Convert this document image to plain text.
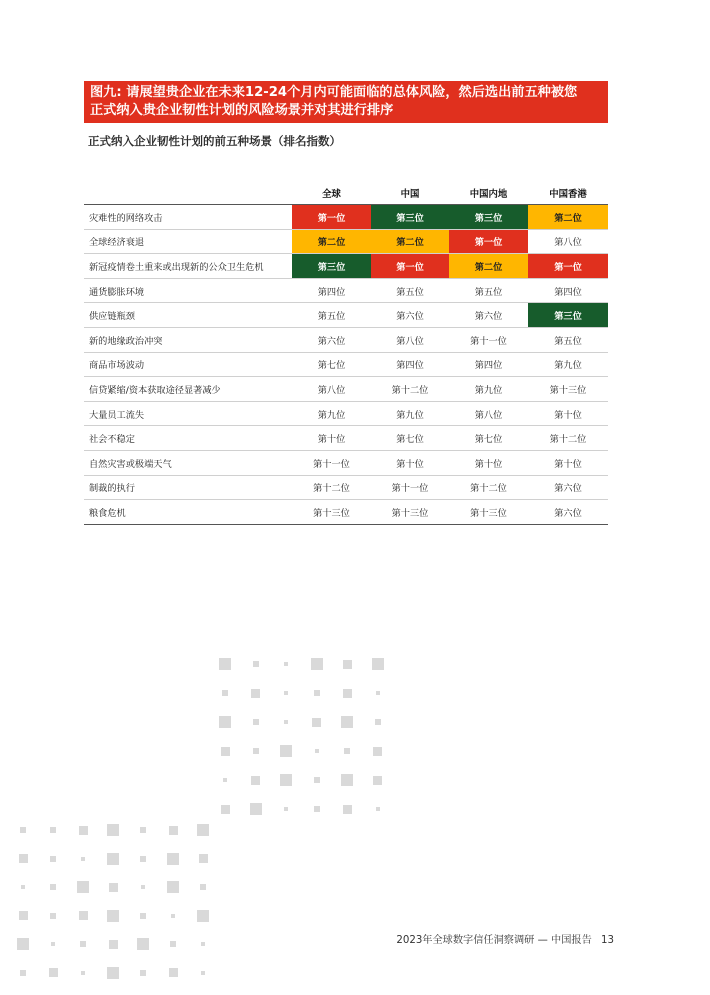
图九: 请展望贵企业在未来12-24个月内可能面临的总体风险，然后选出前五种被您
正式纳入贵企业韧性计划的风险场景并对其进行排序
正式纳入企业韧性计划的前五种场景（排名指数）
	全球	中国	中国内地	中国香港
灾难性的网络攻击	第一位	第三位	第三位	第二位
全球经济衰退	第二位	第二位	第一位	第八位
新冠疫情卷土重来或出现新的公众卫生危机	第三位	第一位	第二位	第一位
通货膨胀环境	第四位	第五位	第五位	第四位
供应链瓶颈	第五位	第六位	第六位	第三位
新的地缘政治冲突	第六位	第八位	第十一位	第五位
商品市场波动	第七位	第四位	第四位	第九位
信贷紧缩/资本获取途径显著减少	第八位	第十二位	第九位	第十三位
大量员工流失	第九位	第九位	第八位	第十位
社会不稳定	第十位	第七位	第七位	第十二位
自然灾害或极端天气	第十一位	第十位	第十位	第十位
制裁的执行	第十二位	第十一位	第十二位	第六位
粮食危机	第十三位	第十三位	第十三位	第六位
2023年全球数字信任洞察调研 — 中国报告 13
